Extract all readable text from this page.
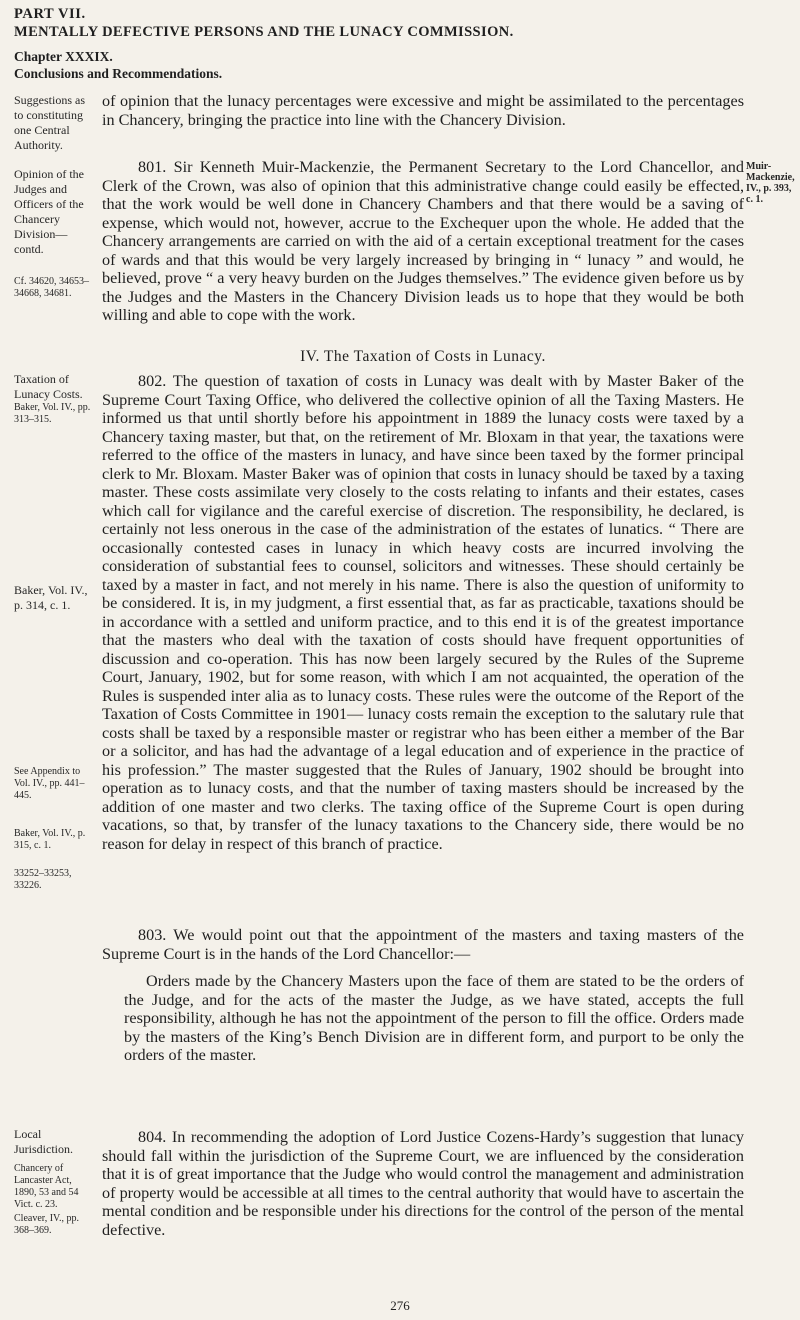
PART VII.
MENTALLY DEFECTIVE PERSONS AND THE LUNACY COMMISSION.
Chapter XXXIX.
Conclusions and Recommendations.
Suggestions as to constituting one Central Authority.
Opinion of the Judges and Officers of the Chancery Division—contd.
Cf. 34620, 34653–34668, 34681.
Taxation of Lunacy Costs.
Baker, Vol. IV., pp. 313–315.
Baker, Vol. IV., p. 314, c. 1.
See Appendix to Vol. IV., pp. 441–445.
Baker, Vol. IV., p. 315, c. 1.
33252–33253, 33226.
Local Jurisdiction.
Chancery of Lancaster Act, 1890, 53 and 54 Vict. c. 23.
Cleaver, IV., pp. 368–369.
Muir-Mackenzie, IV., p. 393, c. 1.

of opinion that the lunacy percentages were excessive and might be assimilated to the percentages in Chancery, bringing the practice into line with the Chancery Division.

801. Sir Kenneth Muir-Mackenzie, the Permanent Secretary to the Lord Chancellor, and Clerk of the Crown, was also of opinion that this administrative change could easily be effected, that the work would be well done in Chancery Chambers and that there would be a saving of expense, which would not, however, accrue to the Exchequer upon the whole. He added that the Chancery arrangements are carried on with the aid of a certain exceptional treatment for the cases of wards and that this would be very largely increased by bringing in “ lunacy ” and would, he believed, prove “ a very heavy burden on the Judges themselves.” The evidence given before us by the Judges and the Masters in the Chancery Division leads us to hope that they would be both willing and able to cope with the work.

IV. The Taxation of Costs in Lunacy.

802. The question of taxation of costs in Lunacy was dealt with by Master Baker of the Supreme Court Taxing Office, who delivered the collective opinion of all the Taxing Masters. He informed us that until shortly before his appointment in 1889 the lunacy costs were taxed by a Chancery taxing master, but that, on the retirement of Mr. Bloxam in that year, the taxations were referred to the office of the masters in lunacy, and have since been taxed by the former principal clerk to Mr. Bloxam. Master Baker was of opinion that costs in lunacy should be taxed by a taxing master. These costs assimilate very closely to the costs relating to infants and their estates, cases which call for vigilance and the careful exercise of discretion. The responsibility, he declared, is certainly not less onerous in the case of the administration of the estates of lunatics. “ There are occasionally contested cases in lunacy in which heavy costs are incurred involving the consideration of substantial fees to counsel, solicitors and witnesses. These should certainly be taxed by a master in fact, and not merely in his name. There is also the question of uniformity to be considered. It is, in my judgment, a first essential that, as far as practicable, taxations should be in accordance with a settled and uniform practice, and to this end it is of the greatest importance that the masters who deal with the taxation of costs should have frequent opportunities of discussion and co-operation. This has now been largely secured by the Rules of the Supreme Court, January, 1902, but for some reason, with which I am not acquainted, the operation of the Rules is suspended inter alia as to lunacy costs. These rules were the outcome of the Report of the Taxation of Costs Committee in 1901— lunacy costs remain the exception to the salutary rule that costs shall be taxed by a responsible master or registrar who has been either a member of the Bar or a solicitor, and has had the advantage of a legal education and of experience in the practice of his profession.” The master suggested that the Rules of January, 1902 should be brought into operation as to lunacy costs, and that the number of taxing masters should be increased by the addition of one master and two clerks. The taxing office of the Supreme Court is open during vacations, so that, by transfer of the lunacy taxations to the Chancery side, there would be no reason for delay in respect of this branch of practice.

803. We would point out that the appointment of the masters and taxing masters of the Supreme Court is in the hands of the Lord Chancellor:—

Orders made by the Chancery Masters upon the face of them are stated to be the orders of the Judge, and for the acts of the master the Judge, as we have stated, accepts the full responsibility, although he has not the appointment of the person to fill the office. Orders made by the masters of the King’s Bench Division are in different form, and purport to be only the orders of the master.

804. In recommending the adoption of Lord Justice Cozens-Hardy’s suggestion that lunacy should fall within the jurisdiction of the Supreme Court, we are influenced by the consideration that it is of great importance that the Judge who would control the management and administration of property would be accessible at all times to the central authority that would have to ascertain the mental condition and be responsible under his directions for the control of the person of the mental defective.

276
